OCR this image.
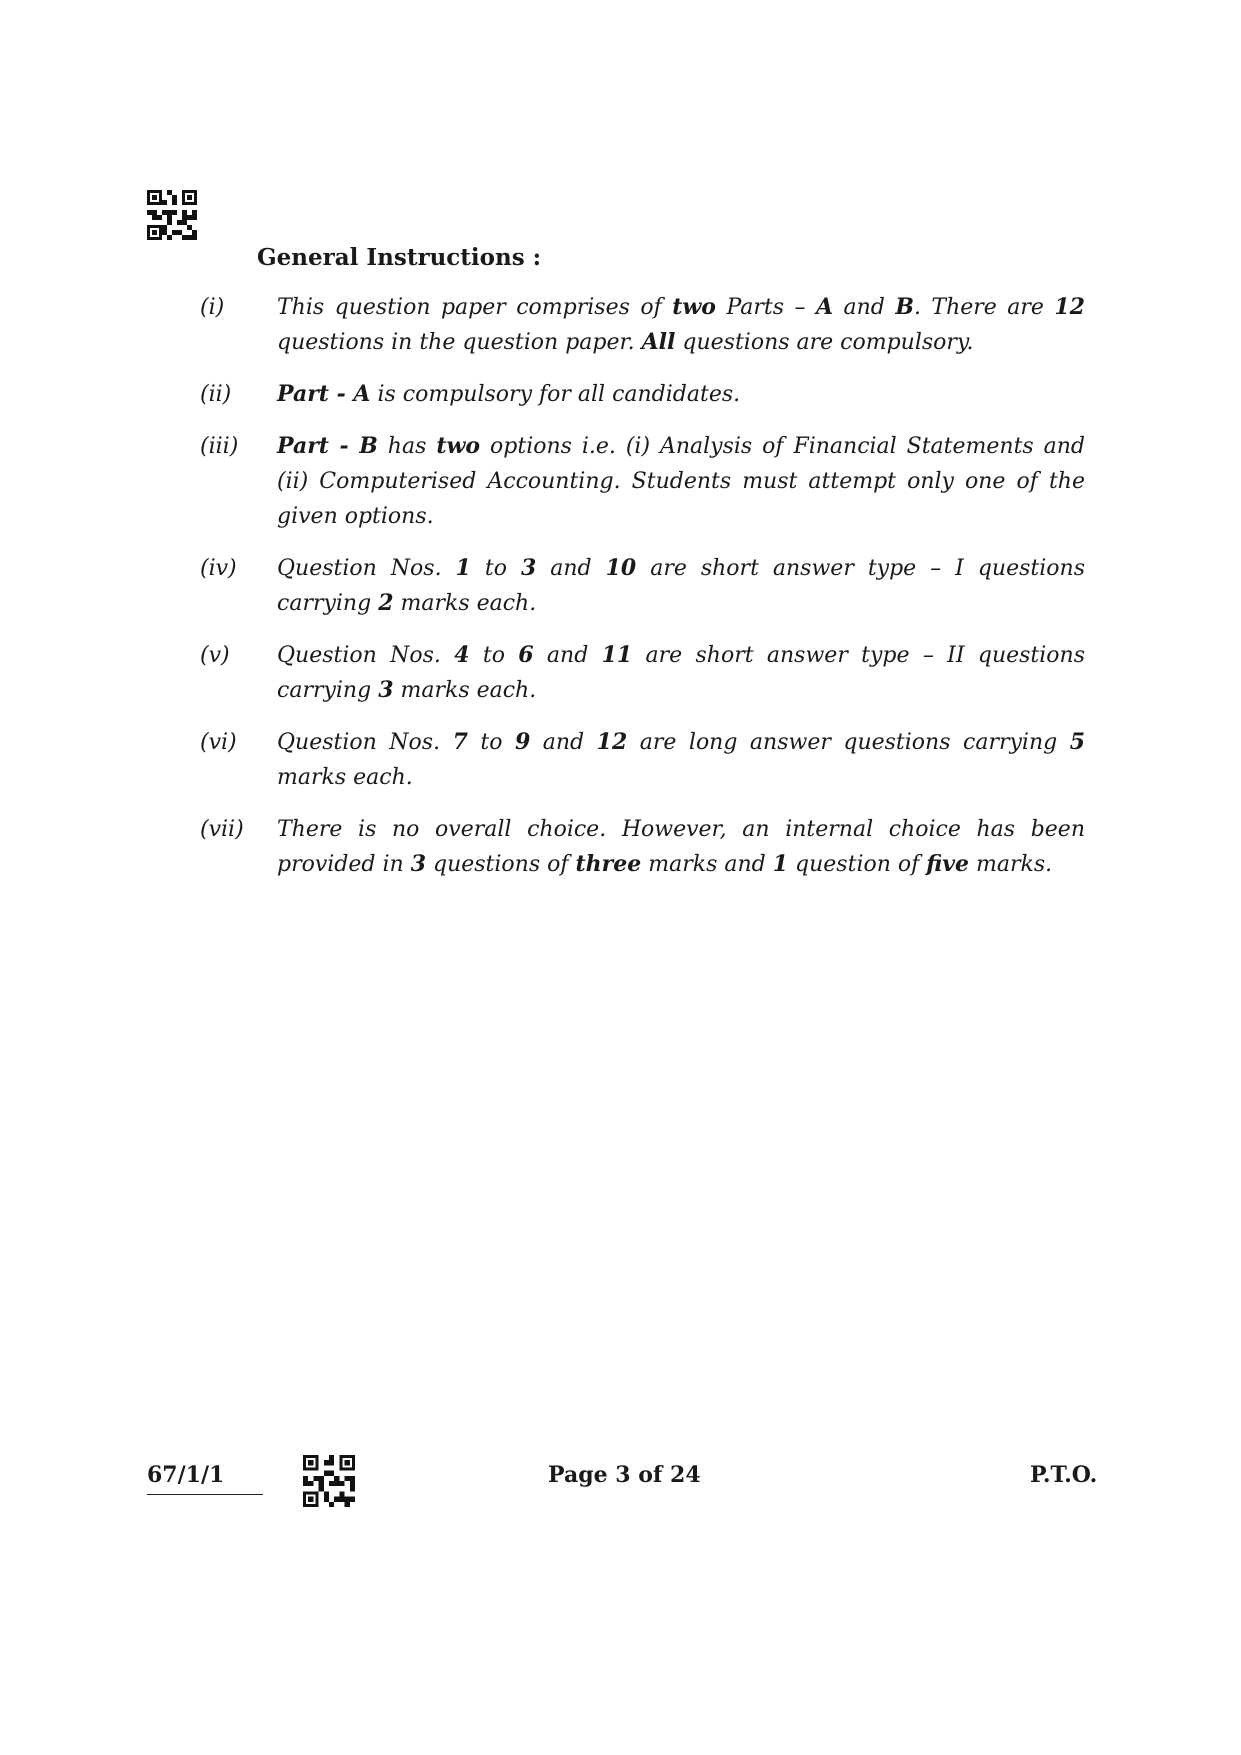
General Instructions :
(i)	This question paper comprises of two Parts – A and B. There are 12 questions in the question paper. All questions are compulsory.
(ii)	Part - A is compulsory for all candidates.
(iii)	Part - B has two options i.e. (i) Analysis of Financial Statements and (ii) Computerised Accounting. Students must attempt only one of the given options.
(iv)	Question Nos. 1 to 3 and 10 are short answer type – I questions carrying 2 marks each.
(v)	Question Nos. 4 to 6 and 11 are short answer type – II questions carrying 3 marks each.
(vi)	Question Nos. 7 to 9 and 12 are long answer questions carrying 5 marks each.
(vii)	There is no overall choice. However, an internal choice has been provided in 3 questions of three marks and 1 question of five marks.
67/1/1	Page 3 of 24	P.T.O.
